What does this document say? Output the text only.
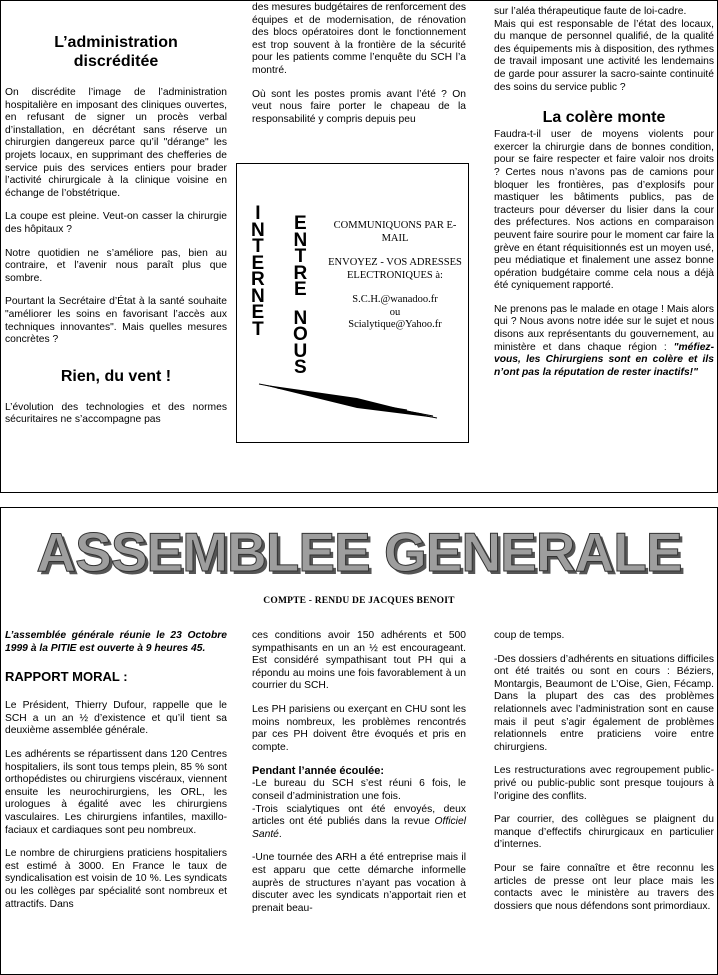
L’administration discréditée

On discrédite l’image de l’administration hospitalière en imposant des cliniques ouvertes, en refusant de signer un procès verbal d’installation, en décrétant sans réserve un chirurgien dangereux parce qu’il "dérange" les projets locaux, en supprimant des chefferies de service puis des services entiers pour brader l’activité chirurgicale à la clinique voisine en échange de l’obstétrique.

La coupe est pleine. Veut-on casser la chirurgie des hôpitaux ?

Notre quotidien ne s’améliore pas, bien au contraire, et l’avenir nous paraît plus que sombre.

Pourtant la Secrétaire d’État à la santé souhaite "améliorer les soins en favorisant l’accès aux techniques innovantes". Mais quelles mesures concrètes ?

Rien, du vent !

L’évolution des technologies et des normes sécuritaires ne s’accompagne pas

des mesures budgétaires de renforcement des équipes et de modernisation, de rénovation des blocs opératoires dont le fonctionnement est trop souvent à la frontière de la sécurité pour les patients comme l’enquête du SCH l’a montré.

Où sont les postes promis avant l’été ? On veut nous faire porter le chapeau de la responsabilité y compris depuis peu

I
N
T
E
R
N
E
T
E
N
T
R
E

N
O
U
S
COMMUNIQUONS PAR E-MAIL
ENVOYEZ - VOS ADRESSES ELECTRONIQUES à:
S.C.H.@wanadoo.fr
ou
Scialytique@Yahoo.fr

sur l’aléa thérapeutique faute de loi-cadre.

Mais qui est responsable de l’état des locaux, du manque de personnel qualifié, de la qualité des équipements mis à disposition, des rythmes de travail imposant une activité les lendemains de garde pour assurer la sacro-sainte continuité des soins du service public ?

La colère monte

Faudra-t-il user de moyens violents pour exercer la chirurgie dans de bonnes condition, pour se faire respecter et faire valoir nos droits ? Certes nous n’avons pas de camions pour bloquer les frontières, pas d’explosifs pour mastiquer les bâtiments publics, pas de tracteurs pour déverser du lisier dans la cour des préfectures. Nos actions en comparaison peuvent faire sourire pour le moment car faire la grève en étant réquisitionnés est un moyen usé, peu médiatique et finalement une assez bonne opération budgétaire comme cela nous a déjà été cyniquement rapporté.

Ne prenons pas le malade en otage ! Mais alors qui ? Nous avons notre idée sur le sujet et nous disons aux représentants du gouvernement, au ministère et dans chaque région : "méfiez-vous, les Chirurgiens sont en colère et ils n’ont pas la réputation de rester inactifs!"

ASSEMBLEE GENERALE
COMPTE - RENDU DE JACQUES BENOIT

L’assemblée générale réunie le 23 Octobre 1999 à la PITIE est ouverte à 9 heures 45.

RAPPORT MORAL :

Le Président, Thierry Dufour, rappelle que le SCH a un an ½ d’existence et qu’il tient sa deuxième assemblée générale.

Les adhérents se répartissent dans 120 Centres hospitaliers, ils sont tous temps plein, 85 % sont orthopédistes ou chirurgiens viscéraux, viennent ensuite les neurochirurgiens, les ORL, les urologues à égalité avec les chirurgiens vasculaires. Les chirurgiens infantiles, maxillo-faciaux et cardiaques sont peu nombreux.

Le nombre de chirurgiens praticiens hospitaliers est estimé à 3000. En France le taux de syndicalisation est voisin de 10 %. Les syndicats ou les collèges par spécialité sont nombreux et attractifs. Dans

ces conditions avoir 150 adhérents et 500 sympathisants en un an ½ est encourageant. Est considéré sympathisant tout PH qui a répondu au moins une fois favorablement à un courrier du SCH.

Les PH parisiens ou exerçant en CHU sont les moins nombreux, les problèmes rencontrés par ces PH doivent être évoqués et pris en compte.

Pendant l’année écoulée:

-Le bureau du SCH s’est réuni 6 fois, le conseil d’administration une fois.

-Trois scialytiques ont été envoyés, deux articles ont été publiés dans la revue Officiel Santé.

-Une tournée des ARH a été entreprise mais il est apparu que cette démarche informelle auprès de structures n’ayant pas vocation à discuter avec les syndicats n’apportait rien et prenait beau-

coup de temps.

-Des dossiers d’adhérents en situations difficiles ont été traités ou sont en cours : Béziers, Montargis, Beaumont de L’Oise, Gien, Fécamp. Dans la plupart des cas des problèmes relationnels avec l’administration sont en cause mais il peut s’agir également de problèmes relationnels entre praticiens voire entre chirurgiens.

Les restructurations avec regroupement public-privé ou public-public sont presque toujours à l’origine des conflits.

Par courrier, des collègues se plaignent du manque d’effectifs chirurgicaux en particulier d’internes.

Pour se faire connaître et être reconnu les articles de presse ont leur place mais les contacts avec le ministère au travers des dossiers que nous défendons sont primordiaux.
